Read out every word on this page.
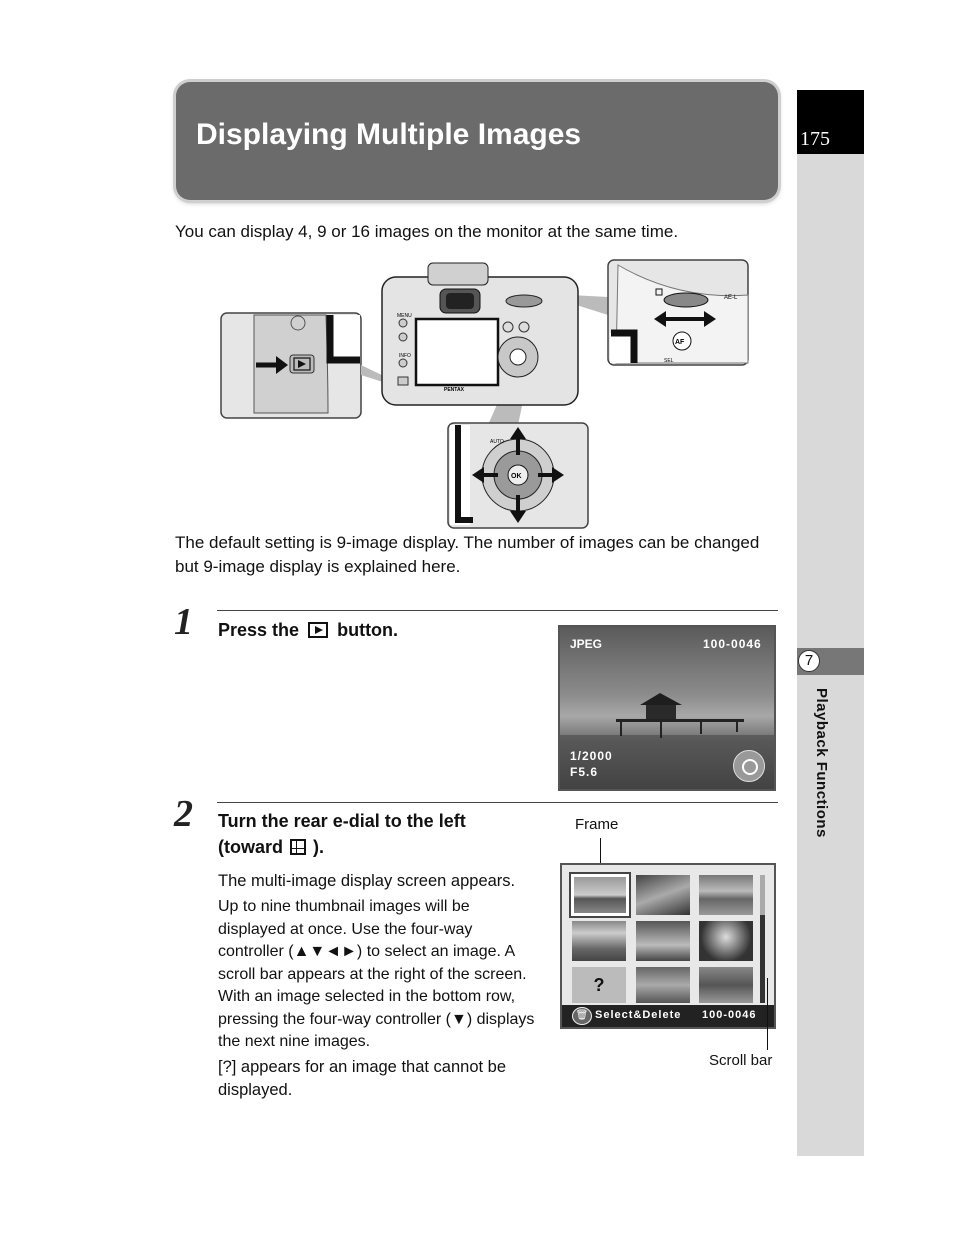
Displaying Multiple Images	175
7
Playback Functions
You can display 4, 9 or 16 images on the monitor at the same time.
PENTAX
MENU
INFO
AF
AE-L
SEL
OK
AUTO
The default setting is 9-image display. The number of images can be changed but 9-image display is explained here.
1 Press the button.
JPEG	100-0046
1/2000
F5.6
2 Turn the rear e-dial to the left
(toward ).
The multi-image display screen appears.
Up to nine thumbnail images will be displayed at once. Use the four-way controller (▲▼◄►) to select an image. A scroll bar appears at the right of the screen. With an image selected in the bottom row, pressing the four-way controller (▼) displays the next nine images.
[?] appears for an image that cannot be displayed.
Frame
?
🗑 Select&Delete 100-0046
Scroll bar
